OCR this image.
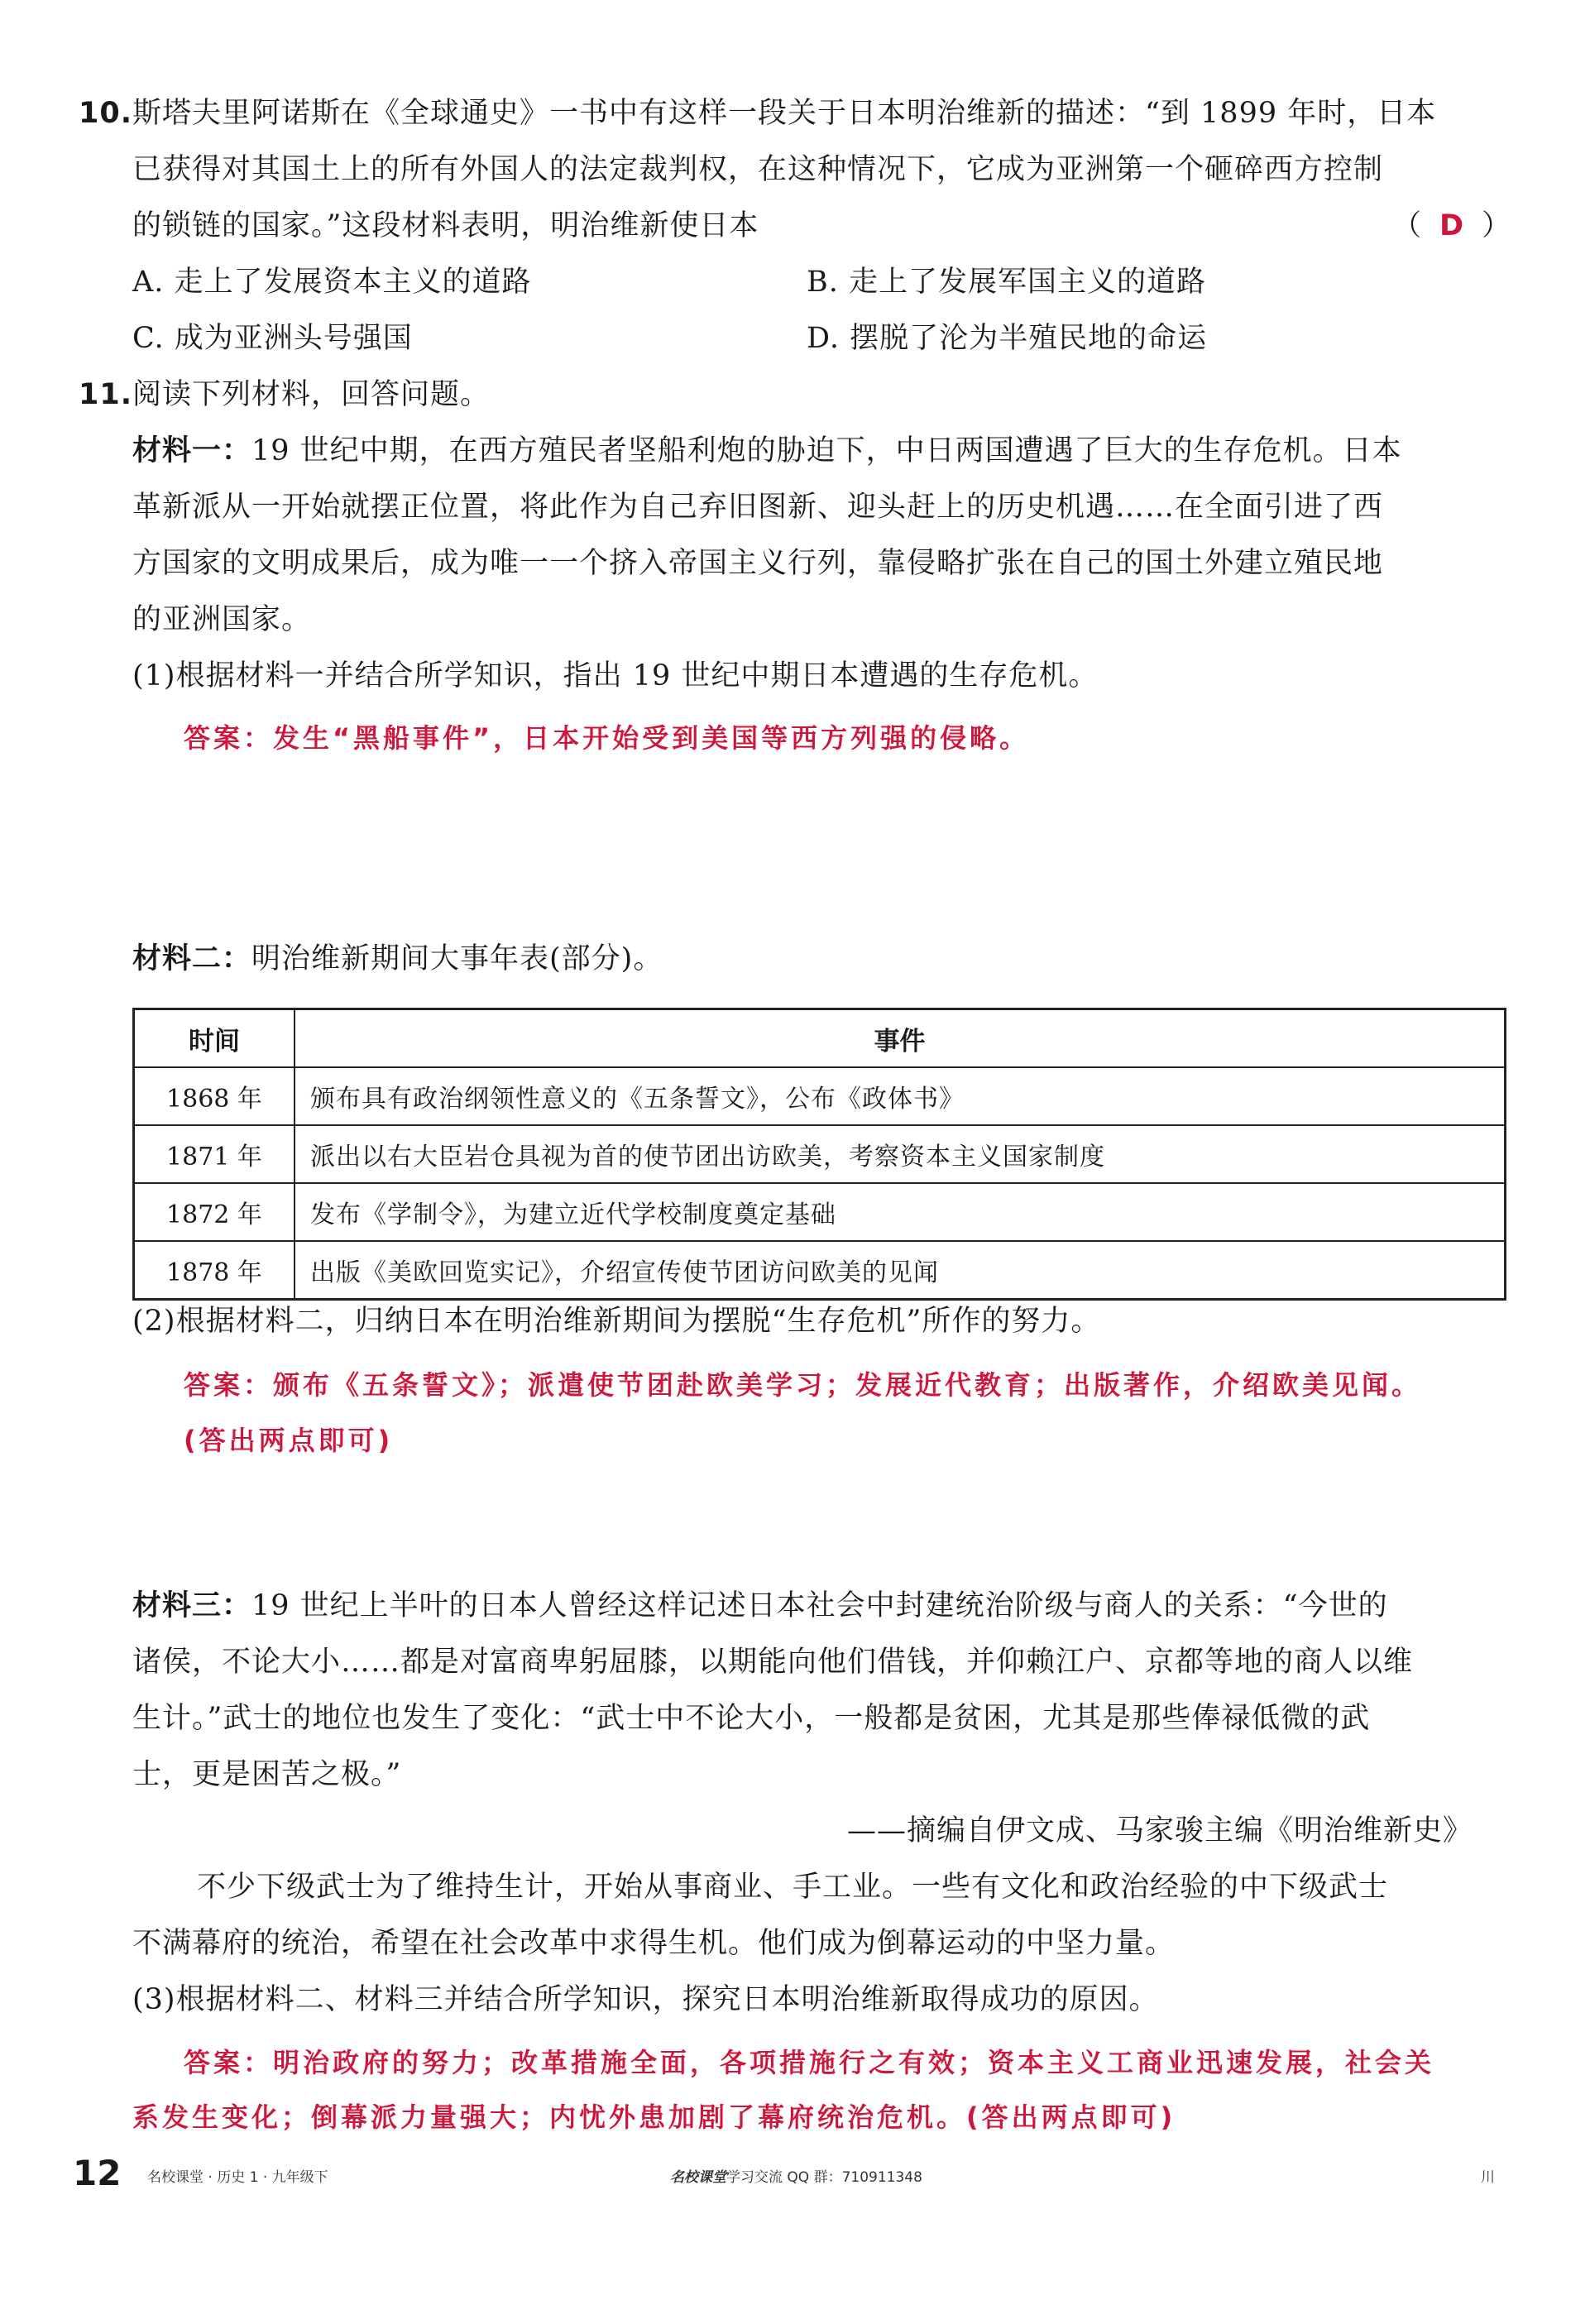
10.斯塔夫里阿诺斯在《全球通史》一书中有这样一段关于日本明治维新的描述：“到 1899 年时，日本
已获得对其国土上的所有外国人的法定裁判权，在这种情况下，它成为亚洲第一个砸碎西方控制
的锁链的国家。”这段材料表明，明治维新使日本	（ D ）
A. 走上了发展资本主义的道路	B. 走上了发展军国主义的道路
C. 成为亚洲头号强国	D. 摆脱了沦为半殖民地的命运
11.阅读下列材料，回答问题。
材料一：19 世纪中期，在西方殖民者坚船利炮的胁迫下，中日两国遭遇了巨大的生存危机。日本
革新派从一开始就摆正位置，将此作为自己弃旧图新、迎头赶上的历史机遇……在全面引进了西
方国家的文明成果后，成为唯一一个挤入帝国主义行列，靠侵略扩张在自己的国土外建立殖民地
的亚洲国家。
(1)根据材料一并结合所学知识，指出 19 世纪中期日本遭遇的生存危机。
答案：发生“黑船事件”，日本开始受到美国等西方列强的侵略。
材料二：明治维新期间大事年表(部分)。
时间	事件
1868 年	颁布具有政治纲领性意义的《五条誓文》，公布《政体书》
1871 年	派出以右大臣岩仓具视为首的使节团出访欧美，考察资本主义国家制度
1872 年	发布《学制令》，为建立近代学校制度奠定基础
1878 年	出版《美欧回览实记》，介绍宣传使节团访问欧美的见闻
(2)根据材料二，归纳日本在明治维新期间为摆脱“生存危机”所作的努力。
答案：颁布《五条誓文》；派遣使节团赴欧美学习；发展近代教育；出版著作，介绍欧美见闻。
(答出两点即可)
材料三：19 世纪上半叶的日本人曾经这样记述日本社会中封建统治阶级与商人的关系：“今世的
诸侯，不论大小……都是对富商卑躬屈膝，以期能向他们借钱，并仰赖江户、京都等地的商人以维
生计。”武士的地位也发生了变化：“武士中不论大小，一般都是贫困，尤其是那些俸禄低微的武
士，更是困苦之极。”
——摘编自伊文成、马家骏主编《明治维新史》
不少下级武士为了维持生计，开始从事商业、手工业。一些有文化和政治经验的中下级武士
不满幕府的统治，希望在社会改革中求得生机。他们成为倒幕运动的中坚力量。
(3)根据材料二、材料三并结合所学知识，探究日本明治维新取得成功的原因。
答案：明治政府的努力；改革措施全面，各项措施行之有效；资本主义工商业迅速发展，社会关
系发生变化；倒幕派力量强大；内忧外患加剧了幕府统治危机。(答出两点即可)
12 名校课堂 · 历史 1 · 九年级下	名校课堂学习交流 QQ 群：710911348	川
